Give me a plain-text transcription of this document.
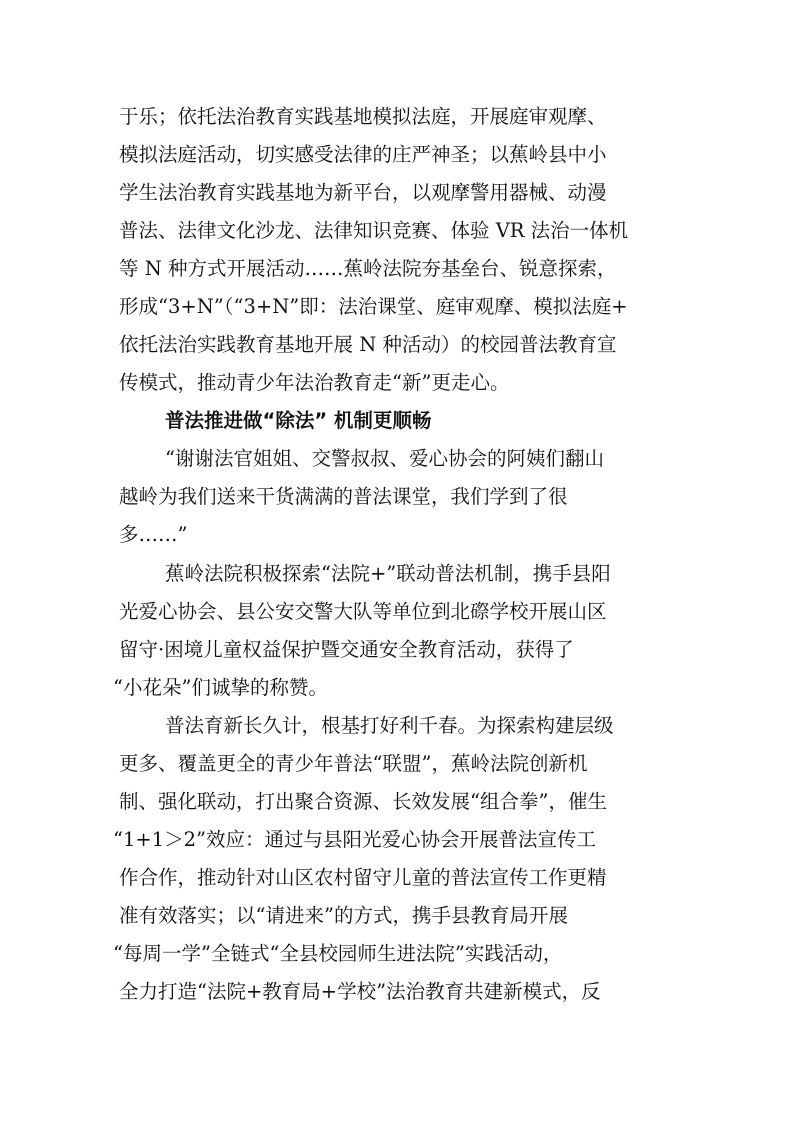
于乐；依托法治教育实践基地模拟法庭，开展庭审观摩、
模拟法庭活动，切实感受法律的庄严神圣；以蕉岭县中小
学生法治教育实践基地为新平台，以观摩警用器械、动漫
普法、法律文化沙龙、法律知识竞赛、体验 VR 法治一体机
等 N 种方式开展活动……蕉岭法院夯基垒台、锐意探索，
形成“3+N”（“3+N”即：法治课堂、庭审观摩、模拟法庭+
依托法治实践教育基地开展 N 种活动）的校园普法教育宣
传模式，推动青少年法治教育走“新”更走心。
普法推进做“除法” 机制更顺畅
“谢谢法官姐姐、交警叔叔、爱心协会的阿姨们翻山
越岭为我们送来干货满满的普法课堂，我们学到了很
多……”
蕉岭法院积极探索“法院+”联动普法机制，携手县阳
光爱心协会、县公安交警大队等单位到北磜学校开展山区
留守·困境儿童权益保护暨交通安全教育活动，获得了
“小花朵”们诚挚的称赞。
普法育新长久计，根基打好利千春。为探索构建层级
更多、覆盖更全的青少年普法“联盟”，蕉岭法院创新机
制、强化联动，打出聚合资源、长效发展“组合拳”，催生
“1+1＞2”效应：通过与县阳光爱心协会开展普法宣传工
作合作，推动针对山区农村留守儿童的普法宣传工作更精
准有效落实；以“请进来”的方式，携手县教育局开展
“每周一学”全链式“全县校园师生进法院”实践活动，
全力打造“法院+教育局+学校”法治教育共建新模式，反
